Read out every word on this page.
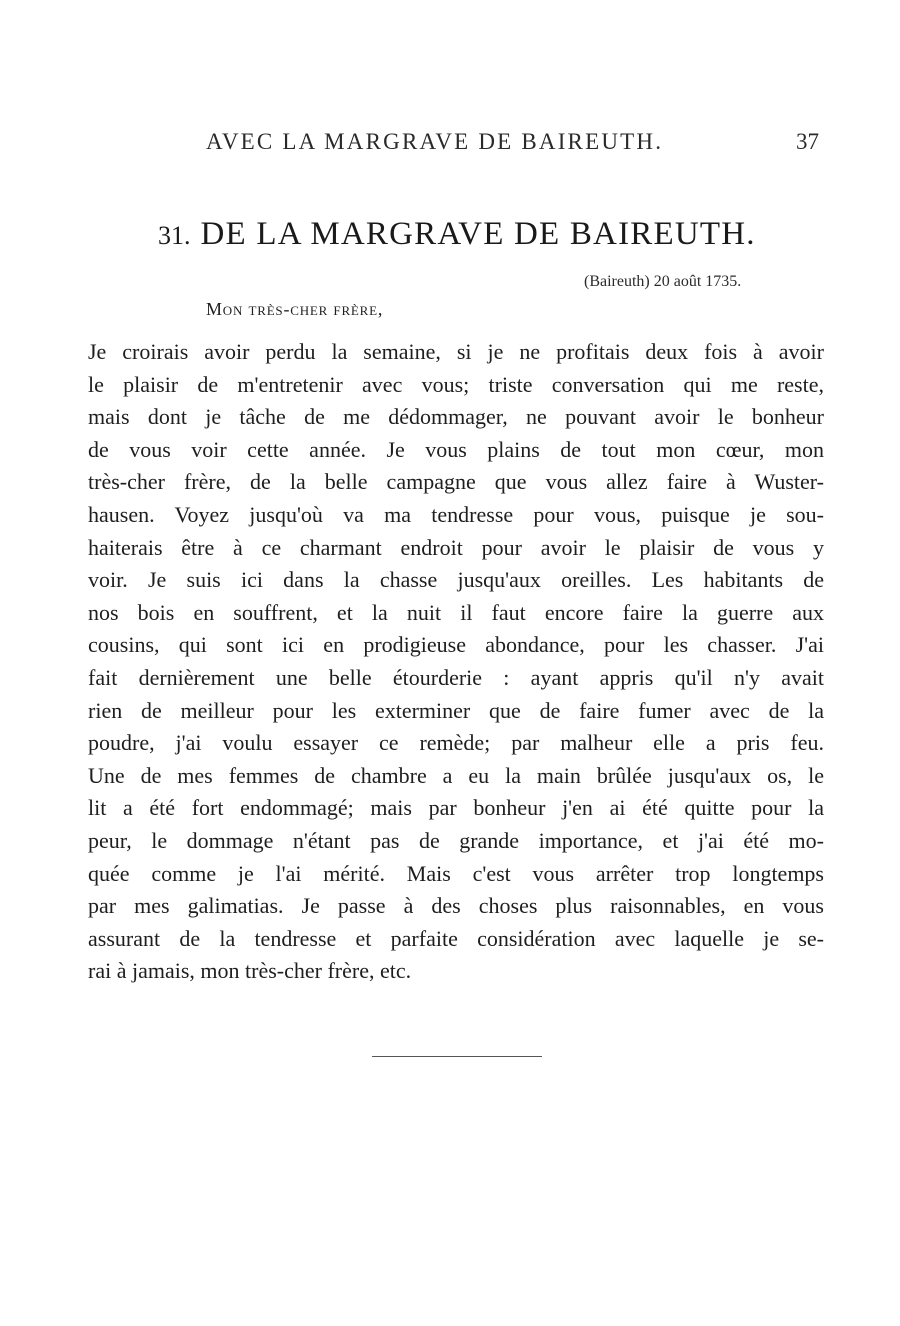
AVEC LA MARGRAVE DE BAIREUTH.	37
31. DE LA MARGRAVE DE BAIREUTH.
(Baireuth) 20 août 1735.
Mon très-cher frère,
Je croirais avoir perdu la semaine, si je ne profitais deux fois à avoir
le plaisir de m'entretenir avec vous; triste conversation qui me reste,
mais dont je tâche de me dédommager, ne pouvant avoir le bonheur
de vous voir cette année. Je vous plains de tout mon cœur, mon
très-cher frère, de la belle campagne que vous allez faire à Wuster-
hausen. Voyez jusqu'où va ma tendresse pour vous, puisque je sou-
haiterais être à ce charmant endroit pour avoir le plaisir de vous y
voir. Je suis ici dans la chasse jusqu'aux oreilles. Les habitants de
nos bois en souffrent, et la nuit il faut encore faire la guerre aux
cousins, qui sont ici en prodigieuse abondance, pour les chasser. J'ai
fait dernièrement une belle étourderie : ayant appris qu'il n'y avait
rien de meilleur pour les exterminer que de faire fumer avec de la
poudre, j'ai voulu essayer ce remède; par malheur elle a pris feu.
Une de mes femmes de chambre a eu la main brûlée jusqu'aux os, le
lit a été fort endommagé; mais par bonheur j'en ai été quitte pour la
peur, le dommage n'étant pas de grande importance, et j'ai été mo-
quée comme je l'ai mérité. Mais c'est vous arrêter trop longtemps
par mes galimatias. Je passe à des choses plus raisonnables, en vous
assurant de la tendresse et parfaite considération avec laquelle je se-
rai à jamais, mon très-cher frère, etc.
